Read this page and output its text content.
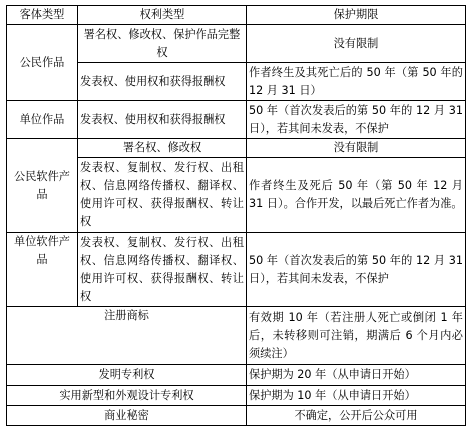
客体类型	权利类型	保护期限
公民作品	署名权、修改权、保护作品完整权	没有限制
	发表权、使用权和获得报酬权	作者终生及其死亡后的 50 年（第 50 年的 12 月 31 日）
单位作品	发表权、使用权和获得报酬权	50 年（首次发表后的第 50 年的 12 月 31 日），若其间未发表，不保护
公民软件产品	署名权、修改权	没有限制
	发表权、复制权、发行权、出租权、信息网络传播权、翻译权、使用许可权、获得报酬权、转让权	作者终生及死后 50 年（第 50 年 12 月 31 日）。合作开发，以最后死亡作者为准。
单位软件产品	发表权、复制权、发行权、出租权、信息网络传播权、翻译权、使用许可权、获得报酬权、转让权	50 年（首次发表后的第 50 年的 12 月 31 日），若其间未发表，不保护
注册商标		有效期 10 年（若注册人死亡或倒闭 1 年后，未转移则可注销，期满后 6 个月内必须续注）
发明专利权		保护期为 20 年（从申请日开始）
实用新型和外观设计专利权		保护期为 10 年（从申请日开始）
商业秘密		不确定，公开后公众可用
